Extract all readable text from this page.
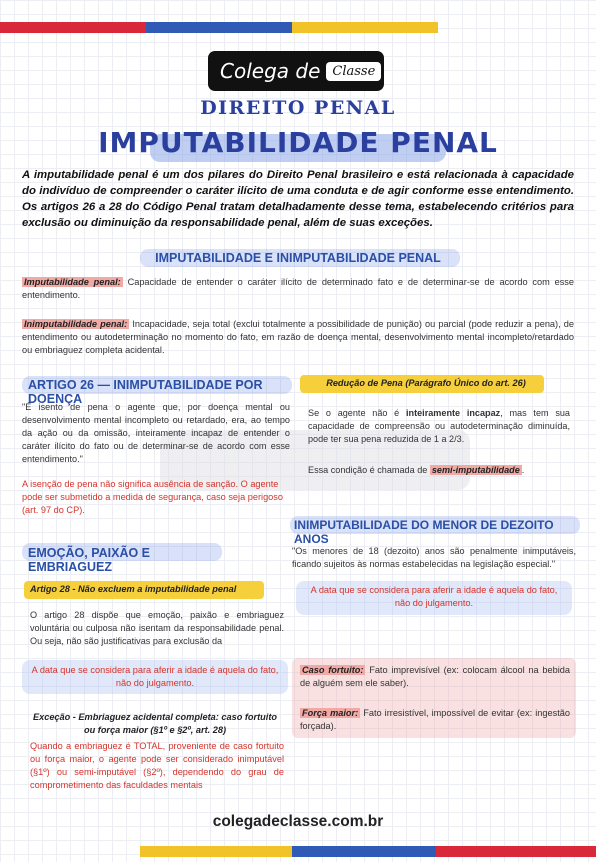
Colega de Classe
DIREITO PENAL
IMPUTABILIDADE PENAL
A imputabilidade penal é um dos pilares do Direito Penal brasileiro e está relacionada à capacidade do indivíduo de compreender o caráter ilícito de uma conduta e de agir conforme esse entendimento. Os artigos 26 a 28 do Código Penal tratam detalhadamente desse tema, estabelecendo critérios para exclusão ou diminuição da responsabilidade penal, além de suas exceções.
IMPUTABILIDADE E INIMPUTABILIDADE PENAL
Imputabilidade penal: Capacidade de entender o caráter ilícito de determinado fato e de determinar-se de acordo com esse entendimento.
Inimputabilidade penal: Incapacidade, seja total (exclui totalmente a possibilidade de punição) ou parcial (pode reduzir a pena), de entendimento ou autodeterminação no momento do fato, em razão de doença mental, desenvolvimento mental incompleto/retardado ou embriaguez completa acidental.
ARTIGO 26 — INIMPUTABILIDADE POR DOENÇA
"É isento de pena o agente que, por doença mental ou desenvolvimento mental incompleto ou retardado, era, ao tempo da ação ou da omissão, inteiramente incapaz de entender o caráter ilícito do fato ou de determinar-se de acordo com esse entendimento."
A isenção de pena não significa ausência de sanção. O agente pode ser submetido a medida de segurança, caso seja perigoso (art. 97 do CP).
Redução de Pena (Parágrafo Único do art. 26)
Se o agente não é inteiramente incapaz, mas tem sua capacidade de compreensão ou autodeterminação diminuída, pode ter sua pena reduzida de 1 a 2/3.
Essa condição é chamada de semi-imputabilidade .
INIMPUTABILIDADE DO MENOR DE DEZOITO ANOS
"Os menores de 18 (dezoito) anos são penalmente inimputáveis, ficando sujeitos às normas estabelecidas na legislação especial."
A data que se considera para aferir a idade é aquela do fato, não do julgamento.
EMOÇÃO, PAIXÃO E EMBRIAGUEZ
Artigo 28 - Não excluem a imputabilidade penal
O artigo 28 dispõe que emoção, paixão e embriaguez voluntária ou culposa não isentam da responsabilidade penal. Ou seja, não são justificativas para exclusão da
A data que se considera para aferir a idade é aquela do fato, não do julgamento.
Exceção - Embriaguez acidental completa: caso fortuito ou força maior (§1º e §2º, art. 28)
Quando a embriaguez é TOTAL, proveniente de caso fortuito ou força maior, o agente pode ser considerado inimputável (§1º) ou semi-imputável (§2º), dependendo do grau de comprometimento das faculdades mentais
Caso fortuito: Fato imprevisível (ex: colocam álcool na bebida de alguém sem ele saber).
Força maior: Fato irresistível, impossível de evitar (ex: ingestão forçada).
colegadeclasse.com.br
